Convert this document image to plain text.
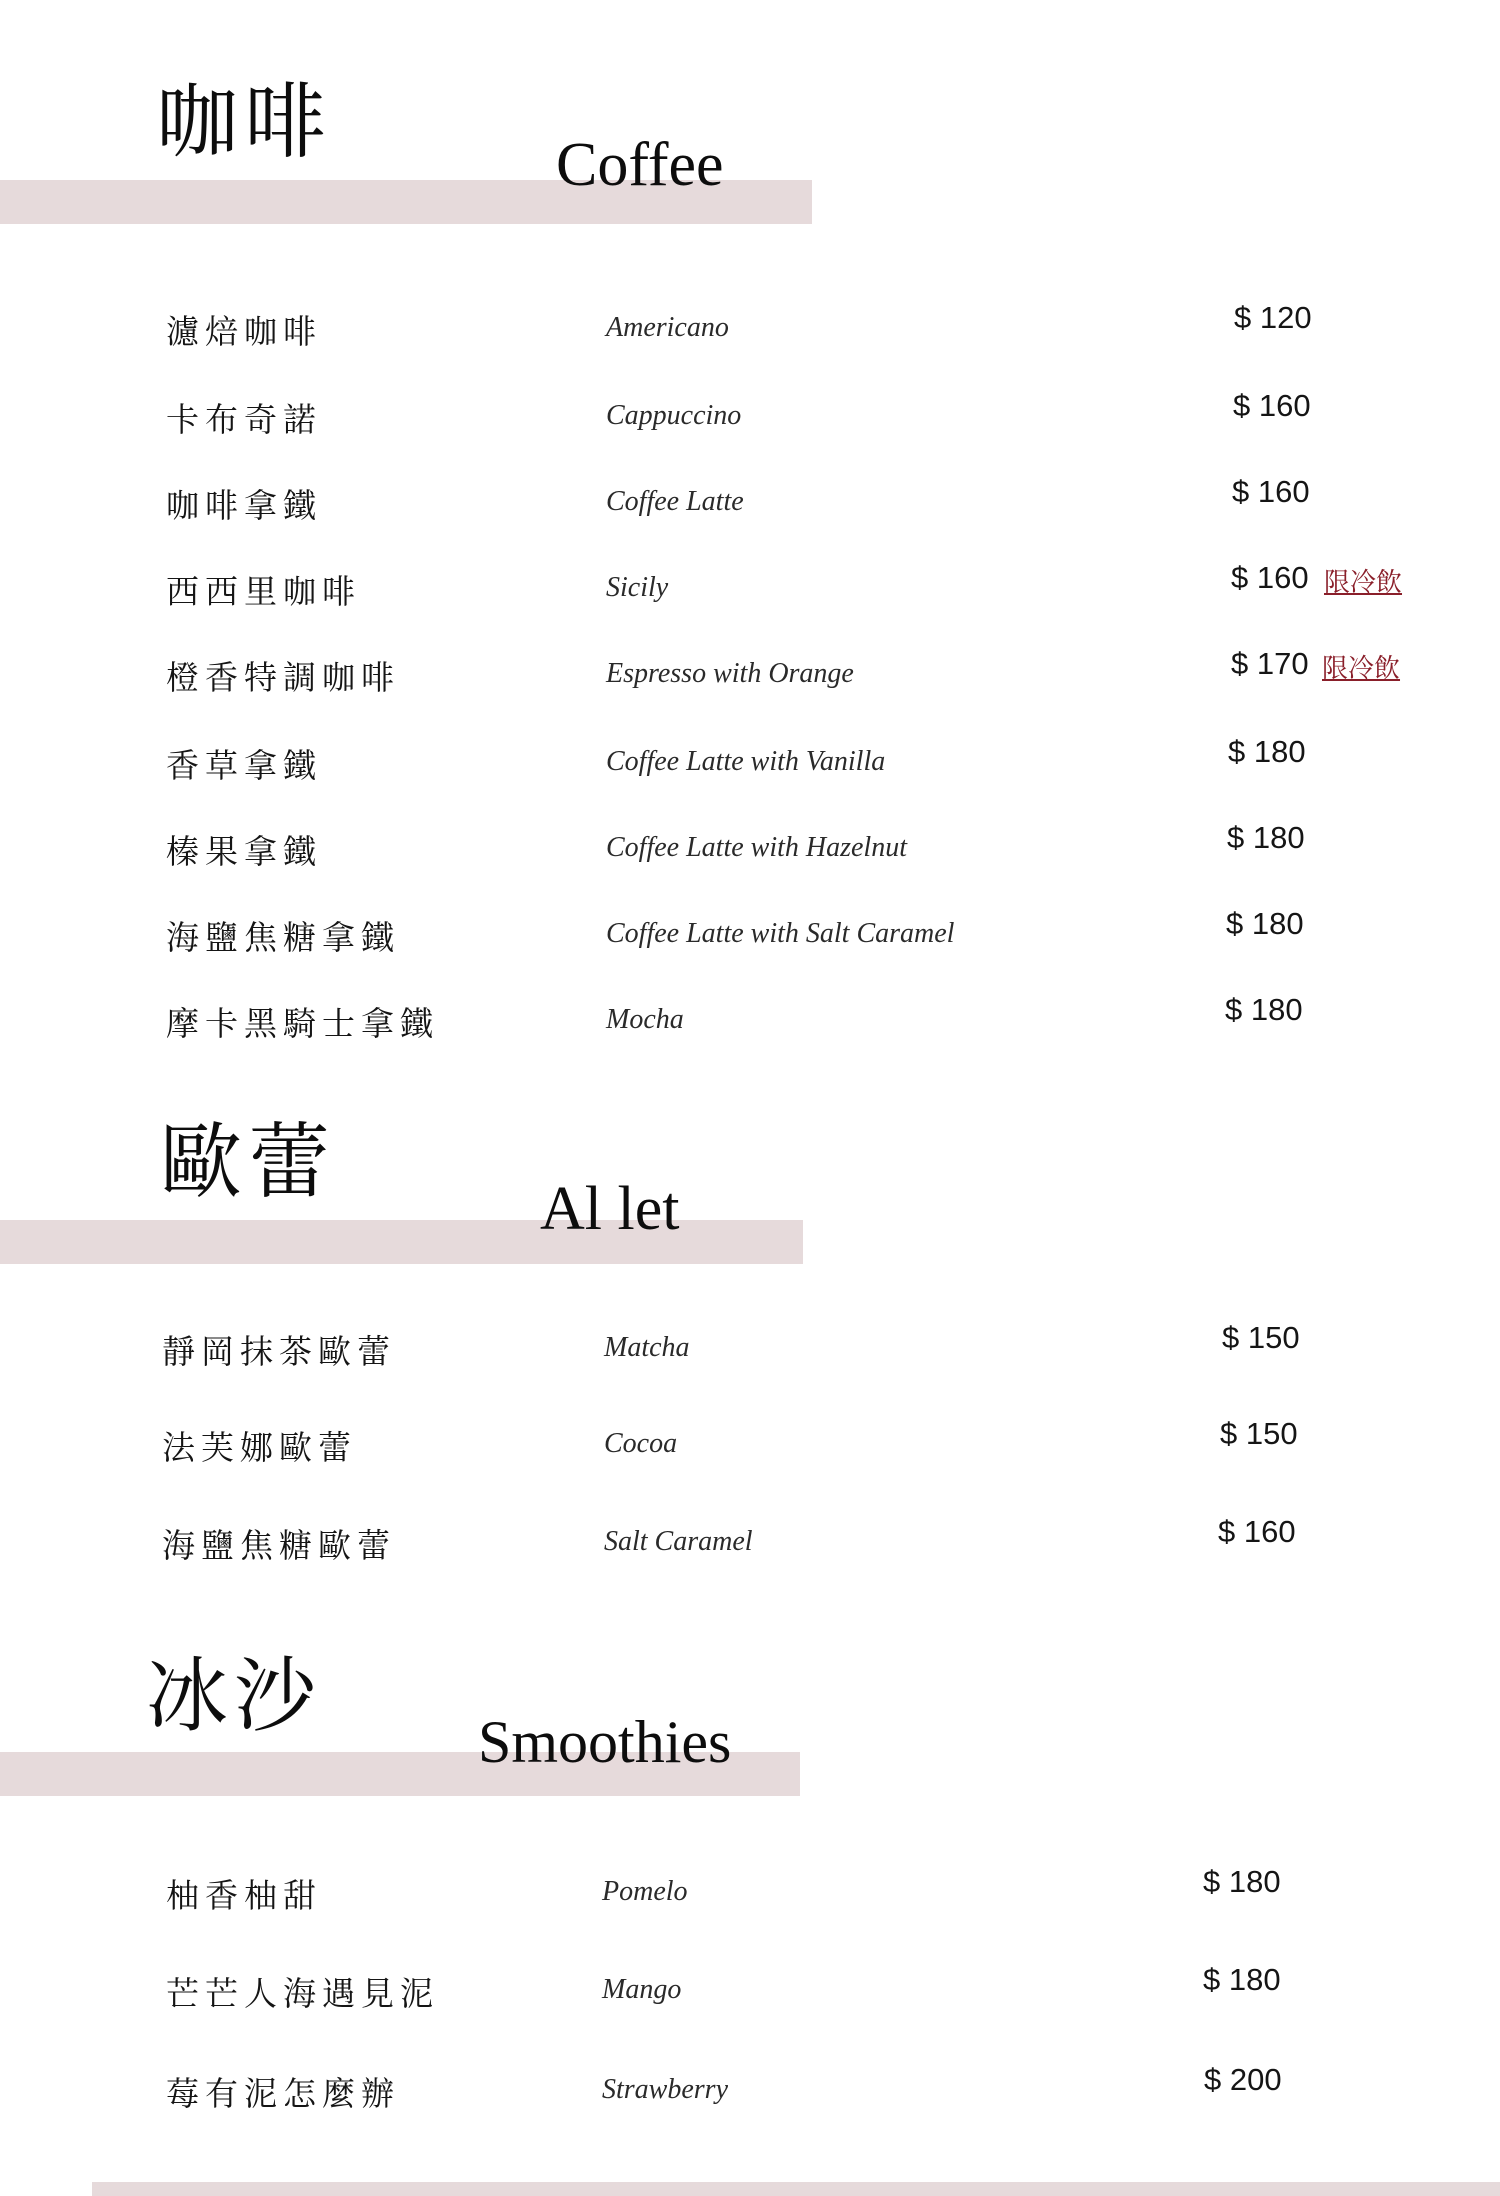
咖啡	Coffee
濾焙咖啡	Americano	$ 120
卡布奇諾	Cappuccino	$ 160
咖啡拿鐵	Coffee Latte	$ 160
西西里咖啡	Sicily	$ 160 限冷飲
橙香特調咖啡	Espresso with Orange	$ 170 限冷飲
香草拿鐵	Coffee Latte with Vanilla	$ 180
榛果拿鐵	Coffee Latte with Hazelnut	$ 180
海鹽焦糖拿鐵	Coffee Latte with Salt Caramel	$ 180
摩卡黑騎士拿鐵	Mocha	$ 180
歐蕾	Al let
靜岡抹茶歐蕾	Matcha	$ 150
法芙娜歐蕾	Cocoa	$ 150
海鹽焦糖歐蕾	Salt Caramel	$ 160
冰沙	Smoothies
柚香柚甜	Pomelo	$ 180
芒芒人海遇見泥	Mango	$ 180
莓有泥怎麼辦	Strawberry	$ 200
